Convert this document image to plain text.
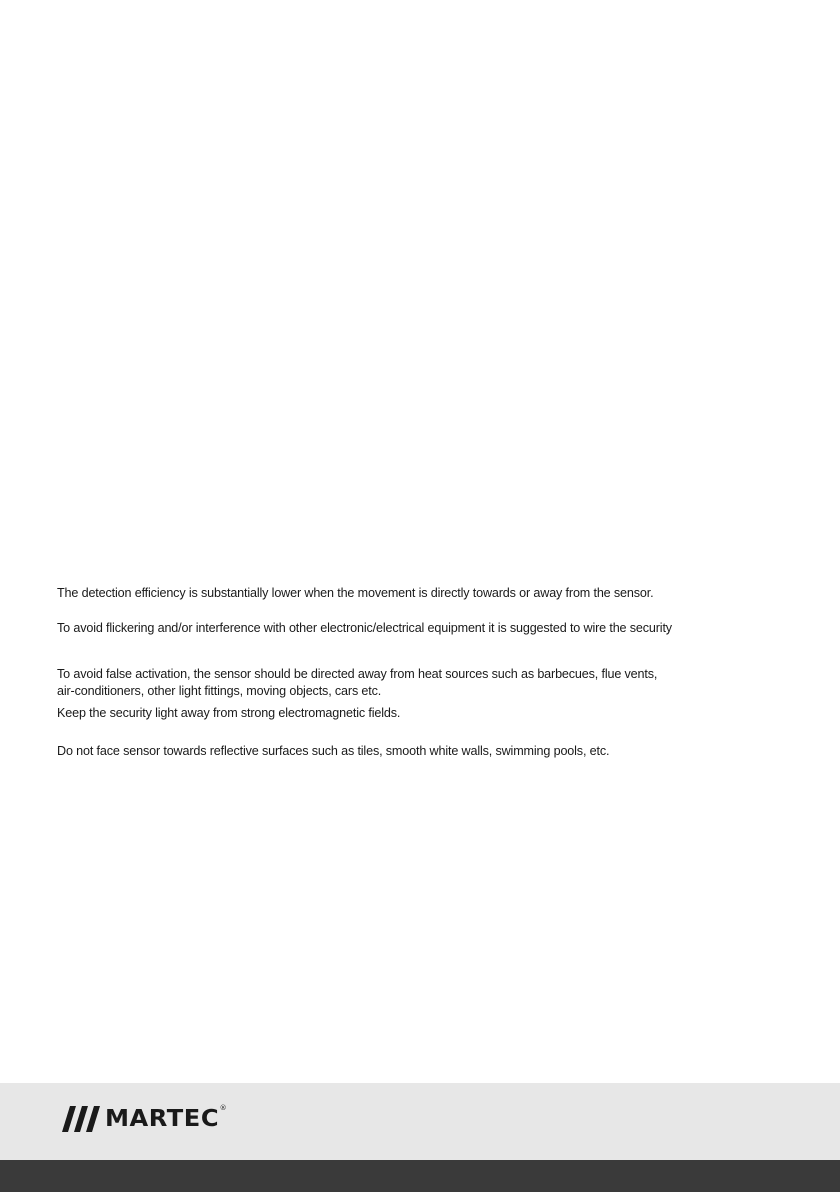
The detection efficiency is substantially lower when the movement is directly towards or away from the sensor.

To avoid flickering and/or interference with other electronic/electrical equipment it is suggested to wire the security

To avoid false activation, the sensor should be directed away from heat sources such as barbecues, flue vents,

air-conditioners, other light fittings, moving objects, cars etc.

Keep the security light away from strong electromagnetic fields.

Do not face sensor towards reflective surfaces such as tiles, smooth white walls, swimming pools, etc.

MARTEC ®
